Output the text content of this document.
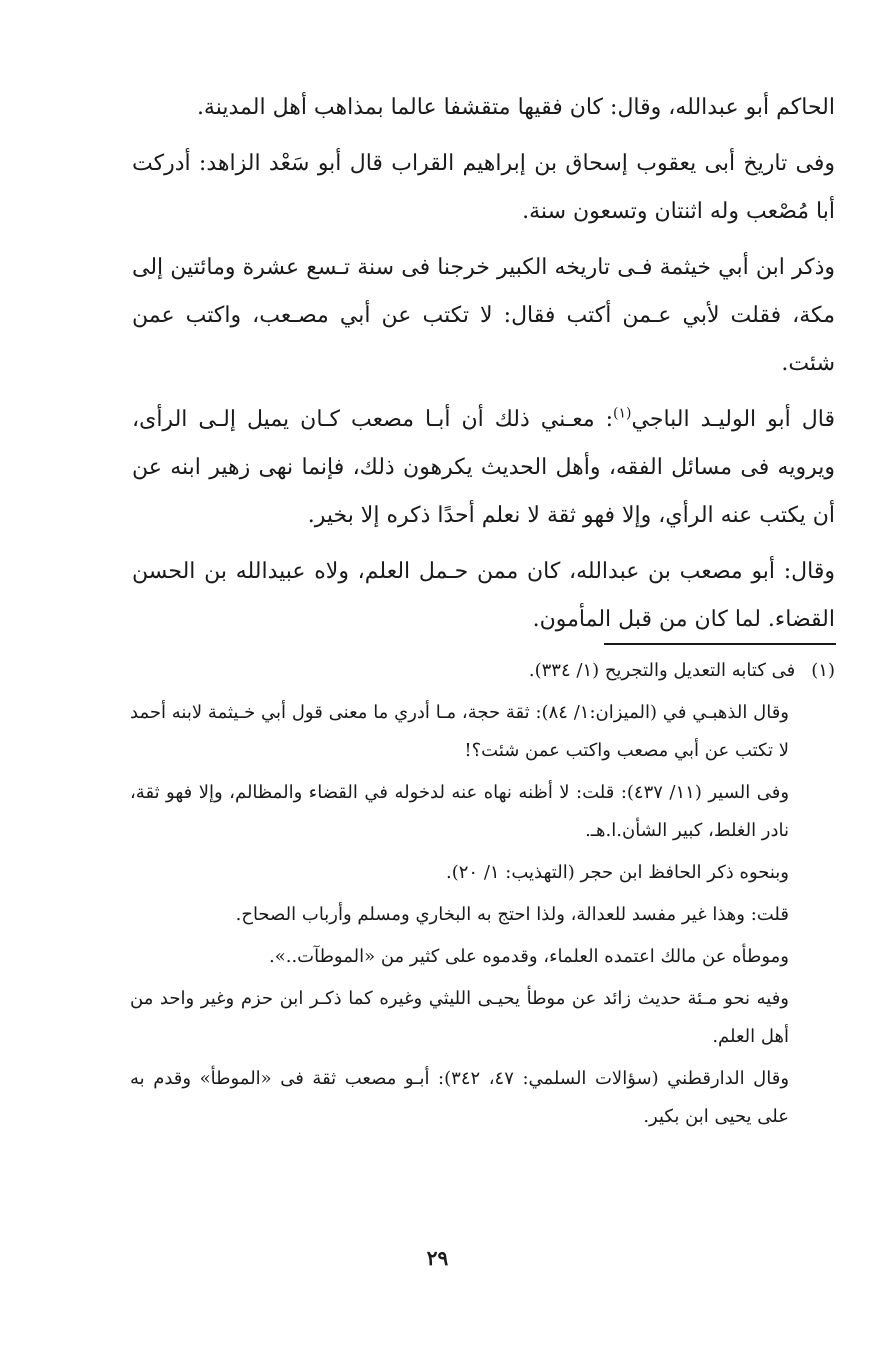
الحاكم أبو عبدالله، وقال: كان فقيها متقشفا عالما بمذاهب أهل المدينة.

وفى تاريخ أبى يعقوب إسحاق بن إبراهيم القراب قال أبو سَعْد الزاهد: أدركت أبا مُصْعب وله اثنتان وتسعون سنة.

وذكر ابن أبي خيثمة فـى تاريخه الكبير خرجنا فى سنة تـسع عشرة ومائتين إلى مكة، فقلت لأبي عـمن أكتب فقال: لا تكتب عن أبي مصـعب، واكتب عمن شئت.

قال أبو الوليـد الباجي$^{(١)}$: معـني ذلك أن أبـا مصعب كـان يميل إلـى الرأى، ويرويه فى مسائل الفقه، وأهل الحديث يكرهون ذلك، فإنما نهى زهير ابنه عن أن يكتب عنه الرأي، وإلا فهو ثقة لا نعلم أحدًا ذكره إلا بخير.

وقال: أبو مصعب بن عبدالله، كان ممن حـمل العلم، ولاه عبيدالله بن الحسن القضاء. لما كان من قبل المأمون.

(١)
فى كتابه التعديل والتجريح (١/ ٣٣٤).

وقال الذهبـي في (الميزان:١/ ٨٤): ثقة حجة، مـا أدري ما معنى قول أبي خـيثمة لابنه أحمد لا تكتب عن أبي مصعب واكتب عمن شئت؟!

وفى السير (١١/ ٤٣٧): قلت: لا أظنه نهاه عنه لدخوله في القضاء والمظالم، وإلا فهو ثقة، نادر الغلط، كبير الشأن.ا.هـ.

وبنحوه ذكر الحافظ ابن حجر (التهذيب: ١/ ٢٠).

قلت: وهذا غير مفسد للعدالة، ولذا احتج به البخاري ومسلم وأرباب الصحاح.

وموطأه عن مالك اعتمده العلماء، وقدموه على كثير من «الموطآت..».

وفيه نحو مـئة حديث زائد عن موطأ يحيـى الليثي وغيره كما ذكـر ابن حزم وغير واحد من أهل العلم.

وقال الدارقطني (سؤالات السلمي: ٤٧، ٣٤٢): أبـو مصعب ثقة فى «الموطأ» وقدم به على يحيى ابن بكير.

٢٩
